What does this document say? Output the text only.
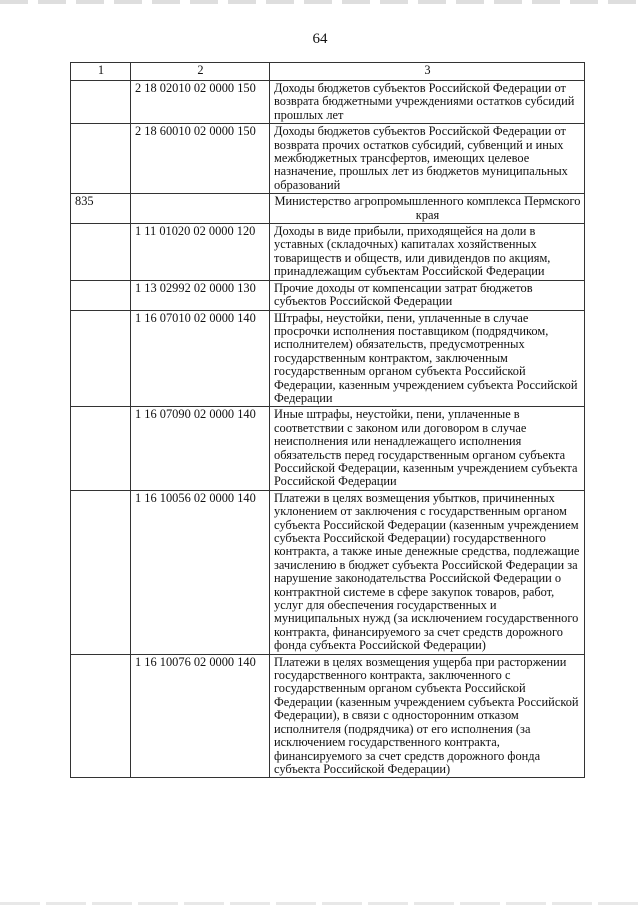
64
1	2	3
	2 18 02010 02 0000 150	Доходы бюджетов субъектов Российской Федерации от возврата бюджетными учреждениями остатков субсидий прошлых лет
	2 18 60010 02 0000 150	Доходы бюджетов субъектов Российской Федерации от возврата прочих остатков субсидий, субвенций и иных межбюджетных трансфертов, имеющих целевое назначение, прошлых лет из бюджетов муниципальных образований
835		Министерство агропромышленного комплекса Пермского края
	1 11 01020 02 0000 120	Доходы в виде прибыли, приходящейся на доли в уставных (складочных) капиталах хозяйственных товариществ и обществ, или дивидендов по акциям, принадлежащим субъектам Российской Федерации
	1 13 02992 02 0000 130	Прочие доходы от компенсации затрат бюджетов субъектов Российской Федерации
	1 16 07010 02 0000 140	Штрафы, неустойки, пени, уплаченные в случае просрочки исполнения поставщиком (подрядчиком, исполнителем) обязательств, предусмотренных государственным контрактом, заключенным государственным органом субъекта Российской Федерации, казенным учреждением субъекта Российской Федерации
	1 16 07090 02 0000 140	Иные штрафы, неустойки, пени, уплаченные в соответствии с законом или договором в случае неисполнения или ненадлежащего исполнения обязательств перед государственным органом субъекта Российской Федерации, казенным учреждением субъекта Российской Федерации
	1 16 10056 02 0000 140	Платежи в целях возмещения убытков, причиненных уклонением от заключения с государственным органом субъекта Российской Федерации (казенным учреждением субъекта Российской Федерации) государственного контракта, а также иные денежные средства, подлежащие зачислению в бюджет субъекта Российской Федерации за нарушение законодательства Российской Федерации о контрактной системе в сфере закупок товаров, работ, услуг для обеспечения государственных и муниципальных нужд (за исключением государственного контракта, финансируемого за счет средств дорожного фонда субъекта Российской Федерации)
	1 16 10076 02 0000 140	Платежи в целях возмещения ущерба при расторжении государственного контракта, заключенного с государственным органом субъекта Российской Федерации (казенным учреждением субъекта Российской Федерации), в связи с односторонним отказом исполнителя (подрядчика) от его исполнения (за исключением государственного контракта, финансируемого за счет средств дорожного фонда субъекта Российской Федерации)
